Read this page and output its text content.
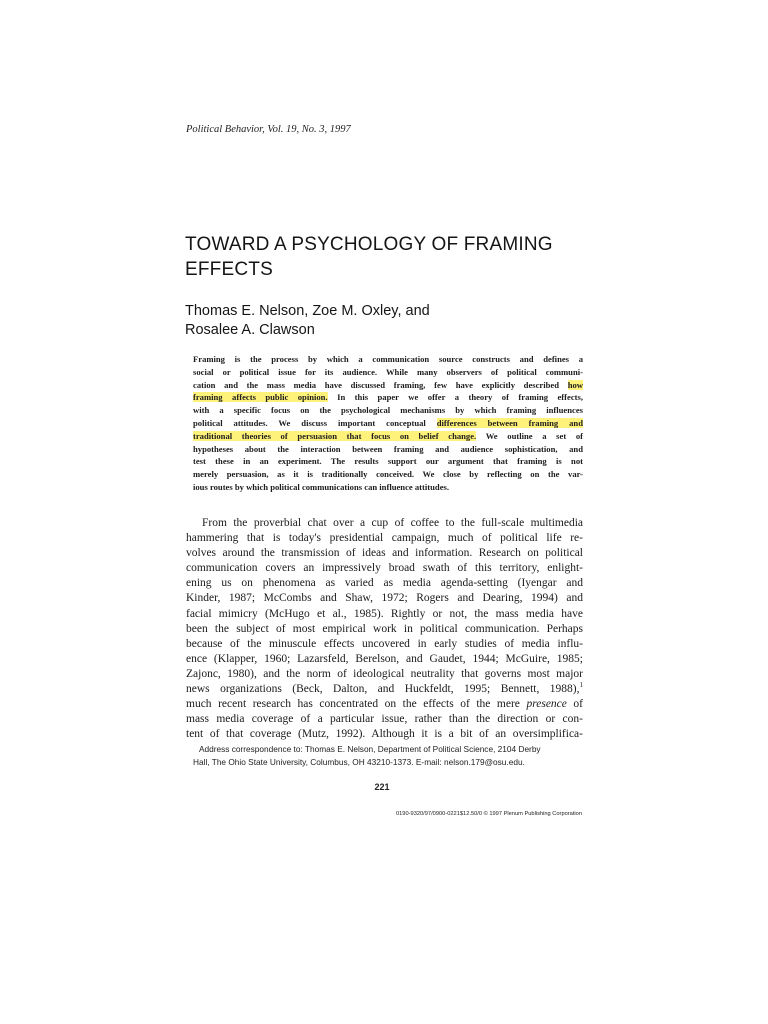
Political Behavior, Vol. 19, No. 3, 1997
TOWARD A PSYCHOLOGY OF FRAMING
EFFECTS
Thomas E. Nelson, Zoe M. Oxley, and
Rosalee A. Clawson
Framing is the process by which a communication source constructs and defines a
social or political issue for its audience. While many observers of political communi-
cation and the mass media have discussed framing, few have explicitly described how
framing affects public opinion. In this paper we offer a theory of framing effects,
with a specific focus on the psychological mechanisms by which framing influences
political attitudes. We discuss important conceptual differences between framing and
traditional theories of persuasion that focus on belief change. We outline a set of
hypotheses about the interaction between framing and audience sophistication, and
test these in an experiment. The results support our argument that framing is not
merely persuasion, as it is traditionally conceived. We close by reflecting on the var-
ious routes by which political communications can influence attitudes.
From the proverbial chat over a cup of coffee to the full-scale multimedia
hammering that is today's presidential campaign, much of political life re-
volves around the transmission of ideas and information. Research on political
communication covers an impressively broad swath of this territory, enlight-
ening us on phenomena as varied as media agenda-setting (Iyengar and
Kinder, 1987; McCombs and Shaw, 1972; Rogers and Dearing, 1994) and
facial mimicry (McHugo et al., 1985). Rightly or not, the mass media have
been the subject of most empirical work in political communication. Perhaps
because of the minuscule effects uncovered in early studies of media influ-
ence (Klapper, 1960; Lazarsfeld, Berelson, and Gaudet, 1944; McGuire, 1985;
Zajonc, 1980), and the norm of ideological neutrality that governs most major
news organizations (Beck, Dalton, and Huckfeldt, 1995; Bennett, 1988),$^1$
much recent research has concentrated on the effects of the mere presence of
mass media coverage of a particular issue, rather than the direction or con-
tent of that coverage (Mutz, 1992). Although it is a bit of an oversimplifica-
Address correspondence to: Thomas E. Nelson, Department of Political Science, 2104 Derby
Hall, The Ohio State University, Columbus, OH 43210-1373. E-mail: nelson.179@osu.edu.
221
0190-9320/97/0900-0221$12.50/0 © 1997 Plenum Publishing Corporation
